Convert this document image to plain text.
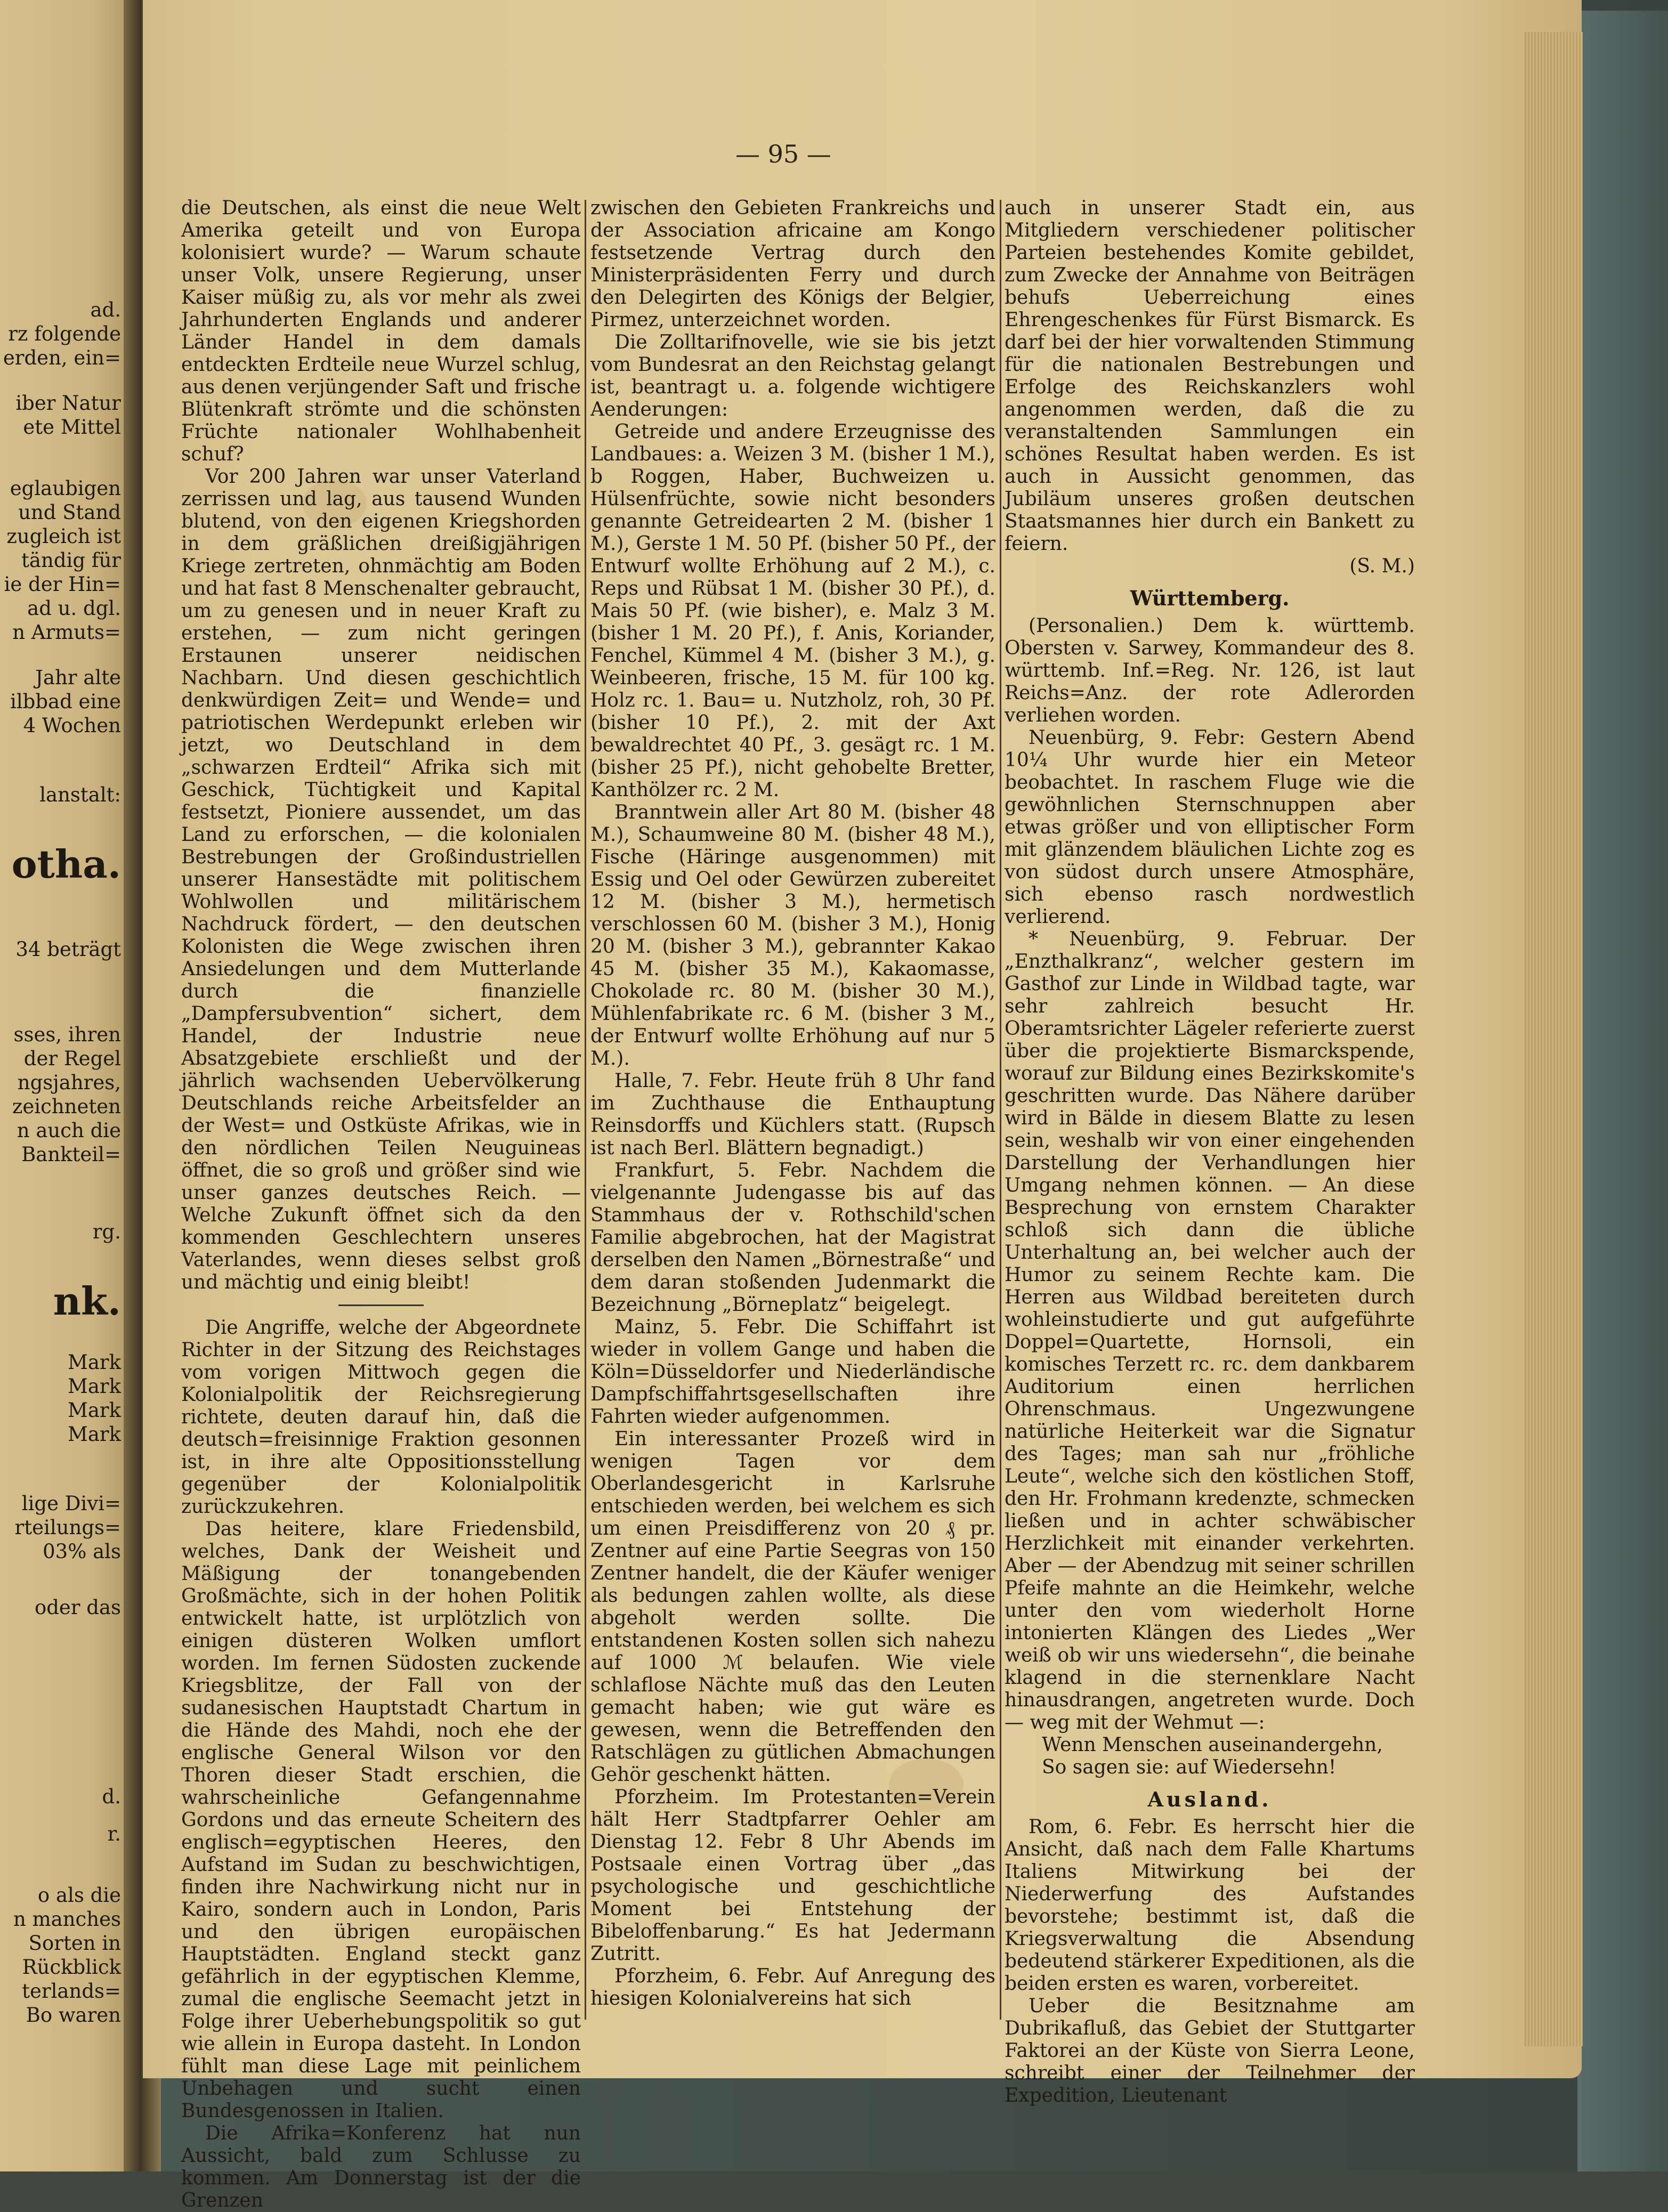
ad.
rz folgende
erden, ein=
iber Natur
ete Mittel
eglaubigen
und Stand
zugleich ist
tändig für
ie der Hin=
ad u. dgl.
n Armuts=
Jahr alte
ilbbad eine
4 Wochen
lanstalt:
otha.
34 beträgt
sses, ihren
der Regel
ngsjahres,
zeichneten
n auch die
Bankteil=
rg.
nk.
Mark
Mark
Mark
Mark
lige Divi=
rteilungs=
03% als
oder das
d.
r.
o als die
n manches
Sorten in
Rückblick
terlands=
Bo waren
— 95 —

die Deutschen, als einst die neue Welt Amerika geteilt und von Europa kolonisiert wurde? — Warum schaute unser Volk, unsere Regierung, unser Kaiser müßig zu, als vor mehr als zwei Jahrhunderten Englands und anderer Länder Handel in dem damals entdeckten Erdteile neue Wurzel schlug, aus denen verjüngender Saft und frische Blütenkraft strömte und die schönsten Früchte nationaler Wohlhabenheit schuf?

Vor 200 Jahren war unser Vaterland zerrissen und lag, aus tausend Wunden blutend, von den eigenen Kriegshorden in dem gräßlichen dreißigjährigen Kriege zertreten, ohnmächtig am Boden und hat fast 8 Menschenalter gebraucht, um zu genesen und in neuer Kraft zu erstehen, — zum nicht geringen Erstaunen unserer neidischen Nachbarn. Und diesen geschichtlich denkwürdigen Zeit= und Wende= und patriotischen Werdepunkt erleben wir jetzt, wo Deutschland in dem „schwarzen Erdteil“ Afrika sich mit Geschick, Tüchtigkeit und Kapital festsetzt, Pioniere aussendet, um das Land zu erforschen, — die kolonialen Bestrebungen der Großindustriellen unserer Hansestädte mit politischem Wohlwollen und militärischem Nachdruck fördert, — den deutschen Kolonisten die Wege zwischen ihren Ansiedelungen und dem Mutterlande durch die finanzielle „Dampfersubvention“ sichert, dem Handel, der Industrie neue Absatzgebiete erschließt und der jährlich wachsenden Uebervölkerung Deutschlands reiche Arbeitsfelder an der West= und Ostküste Afrikas, wie in den nördlichen Teilen Neuguineas öffnet, die so groß und größer sind wie unser ganzes deutsches Reich. — Welche Zukunft öffnet sich da den kommenden Geschlechtern unseres Vaterlandes, wenn dieses selbst groß und mächtig und einig bleibt!

Die Angriffe, welche der Abgeordnete Richter in der Sitzung des Reichstages vom vorigen Mittwoch gegen die Kolonialpolitik der Reichsregierung richtete, deuten darauf hin, daß die deutsch=freisinnige Fraktion gesonnen ist, in ihre alte Oppositionsstellung gegenüber der Kolonialpolitik zurückzukehren.

Das heitere, klare Friedensbild, welches, Dank der Weisheit und Mäßigung der tonangebenden Großmächte, sich in der hohen Politik entwickelt hatte, ist urplötzlich von einigen düsteren Wolken umflort worden. Im fernen Südosten zuckende Kriegsblitze, der Fall von der sudanesischen Hauptstadt Chartum in die Hände des Mahdi, noch ehe der englische General Wilson vor den Thoren dieser Stadt erschien, die wahrscheinliche Gefangennahme Gordons und das erneute Scheitern des englisch=egyptischen Heeres, den Aufstand im Sudan zu beschwichtigen, finden ihre Nachwirkung nicht nur in Kairo, sondern auch in London, Paris und den übrigen europäischen Hauptstädten. England steckt ganz gefährlich in der egyptischen Klemme, zumal die englische Seemacht jetzt in Folge ihrer Ueberhebungspolitik so gut wie allein in Europa dasteht. In London fühlt man diese Lage mit peinlichem Unbehagen und sucht einen Bundesgenossen in Italien.

Die Afrika=Konferenz hat nun Aussicht, bald zum Schlusse zu kommen. Am Donnerstag ist der die Grenzen

zwischen den Gebieten Frankreichs und der Association africaine am Kongo festsetzende Vertrag durch den Ministerpräsidenten Ferry und durch den Delegirten des Königs der Belgier, Pirmez, unterzeichnet worden.

Die Zolltarifnovelle, wie sie bis jetzt vom Bundesrat an den Reichstag gelangt ist, beantragt u. a. folgende wichtigere Aenderungen:

Getreide und andere Erzeugnisse des Landbaues: a. Weizen 3 M. (bisher 1 M.), b Roggen, Haber, Buchweizen u. Hülsenfrüchte, sowie nicht besonders genannte Getreidearten 2 M. (bisher 1 M.), Gerste 1 M. 50 Pf. (bisher 50 Pf., der Entwurf wollte Erhöhung auf 2 M.), c. Reps und Rübsat 1 M. (bisher 30 Pf.), d. Mais 50 Pf. (wie bisher), e. Malz 3 M. (bisher 1 M. 20 Pf.), f. Anis, Koriander, Fenchel, Kümmel 4 M. (bisher 3 M.), g. Weinbeeren, frische, 15 M. für 100 kg. Holz rc. 1. Bau= u. Nutzholz, roh, 30 Pf. (bisher 10 Pf.), 2. mit der Axt bewaldrechtet 40 Pf., 3. gesägt rc. 1 M. (bisher 25 Pf.), nicht gehobelte Bretter, Kanthölzer rc. 2 M.

Branntwein aller Art 80 M. (bisher 48 M.), Schaumweine 80 M. (bisher 48 M.), Fische (Häringe ausgenommen) mit Essig und Oel oder Gewürzen zubereitet 12 M. (bisher 3 M.), hermetisch verschlossen 60 M. (bisher 3 M.), Honig 20 M. (bisher 3 M.), gebrannter Kakao 45 M. (bisher 35 M.), Kakaomasse, Chokolade rc. 80 M. (bisher 30 M.), Mühlenfabrikate rc. 6 M. (bisher 3 M., der Entwurf wollte Erhöhung auf nur 5 M.).

Halle, 7. Febr. Heute früh 8 Uhr fand im Zuchthause die Enthauptung Reinsdorffs und Küchlers statt. (Rupsch ist nach Berl. Blättern begnadigt.)

Frankfurt, 5. Febr. Nachdem die vielgenannte Judengasse bis auf das Stammhaus der v. Rothschild'schen Familie abgebrochen, hat der Magistrat derselben den Namen „Börnestraße“ und dem daran stoßenden Judenmarkt die Bezeichnung „Börneplatz“ beigelegt.

Mainz, 5. Febr. Die Schiffahrt ist wieder in vollem Gange und haben die Köln=Düsseldorfer und Niederländische Dampfschiffahrtsgesellschaften ihre Fahrten wieder aufgenommen.

Ein interessanter Prozeß wird in wenigen Tagen vor dem Oberlandesgericht in Karlsruhe entschieden werden, bei welchem es sich um einen Preisdifferenz von 20 ₰ pr. Zentner auf eine Partie Seegras von 150 Zentner handelt, die der Käufer weniger als bedungen zahlen wollte, als diese abgeholt werden sollte. Die entstandenen Kosten sollen sich nahezu auf 1000 ℳ belaufen. Wie viele schlaflose Nächte muß das den Leuten gemacht haben; wie gut wäre es gewesen, wenn die Betreffenden den Ratschlägen zu gütlichen Abmachungen Gehör geschenkt hätten.

Pforzheim. Im Protestanten=Verein hält Herr Stadtpfarrer Oehler am Dienstag 12. Febr 8 Uhr Abends im Postsaale einen Vortrag über „das psychologische und geschichtliche Moment bei Entstehung der Bibeloffenbarung.“ Es hat Jedermann Zutritt.

Pforzheim, 6. Febr. Auf Anregung des hiesigen Kolonialvereins hat sich

auch in unserer Stadt ein, aus Mitgliedern verschiedener politischer Parteien bestehendes Komite gebildet, zum Zwecke der Annahme von Beiträgen behufs Ueberreichung eines Ehrengeschenkes für Fürst Bismarck. Es darf bei der hier vorwaltenden Stimmung für die nationalen Bestrebungen und Erfolge des Reichskanzlers wohl angenommen werden, daß die zu veranstaltenden Sammlungen ein schönes Resultat haben werden. Es ist auch in Aussicht genommen, das Jubiläum unseres großen deutschen Staatsmannes hier durch ein Bankett zu feiern.

(S. M.)

Württemberg.

(Personalien.) Dem k. württemb. Obersten v. Sarwey, Kommandeur des 8. württemb. Inf.=Reg. Nr. 126, ist laut Reichs=Anz. der rote Adlerorden verliehen worden.

Neuenbürg, 9. Febr: Gestern Abend 10¼ Uhr wurde hier ein Meteor beobachtet. In raschem Fluge wie die gewöhnlichen Sternschnuppen aber etwas größer und von elliptischer Form mit glänzendem bläulichen Lichte zog es von südost durch unsere Atmosphäre, sich ebenso rasch nordwestlich verlierend.

* Neuenbürg, 9. Februar. Der „Enzthalkranz“, welcher gestern im Gasthof zur Linde in Wildbad tagte, war sehr zahlreich besucht Hr. Oberamtsrichter Lägeler referierte zuerst über die projektierte Bismarckspende, worauf zur Bildung eines Bezirkskomite's geschritten wurde. Das Nähere darüber wird in Bälde in diesem Blatte zu lesen sein, weshalb wir von einer eingehenden Darstellung der Verhandlungen hier Umgang nehmen können. — An diese Besprechung von ernstem Charakter schloß sich dann die übliche Unterhaltung an, bei welcher auch der Humor zu seinem Rechte kam. Die Herren aus Wildbad bereiteten durch wohleinstudierte und gut aufgeführte Doppel=Quartette, Hornsoli, ein komisches Terzett rc. rc. dem dankbarem Auditorium einen herrlichen Ohrenschmaus. Ungezwungene natürliche Heiterkeit war die Signatur des Tages; man sah nur „fröhliche Leute“, welche sich den köstlichen Stoff, den Hr. Frohmann kredenzte, schmecken ließen und in achter schwäbischer Herzlichkeit mit einander verkehrten. Aber — der Abendzug mit seiner schrillen Pfeife mahnte an die Heimkehr, welche unter den vom wiederholt Horne intonierten Klängen des Liedes „Wer weiß ob wir uns wiedersehn“, die beinahe klagend in die sternenklare Nacht hinausdrangen, angetreten wurde. Doch — weg mit der Wehmut —:

Wenn Menschen auseinandergehn,

So sagen sie: auf Wiedersehn!

Ausland.

Rom, 6. Febr. Es herrscht hier die Ansicht, daß nach dem Falle Khartums Italiens Mitwirkung bei der Niederwerfung des Aufstandes bevorstehe; bestimmt ist, daß die Kriegsverwaltung die Absendung bedeutend stärkerer Expeditionen, als die beiden ersten es waren, vorbereitet.

Ueber die Besitznahme am Dubrikafluß, das Gebiet der Stuttgarter Faktorei an der Küste von Sierra Leone, schreibt einer der Teilnehmer der Expedition, Lieutenant
